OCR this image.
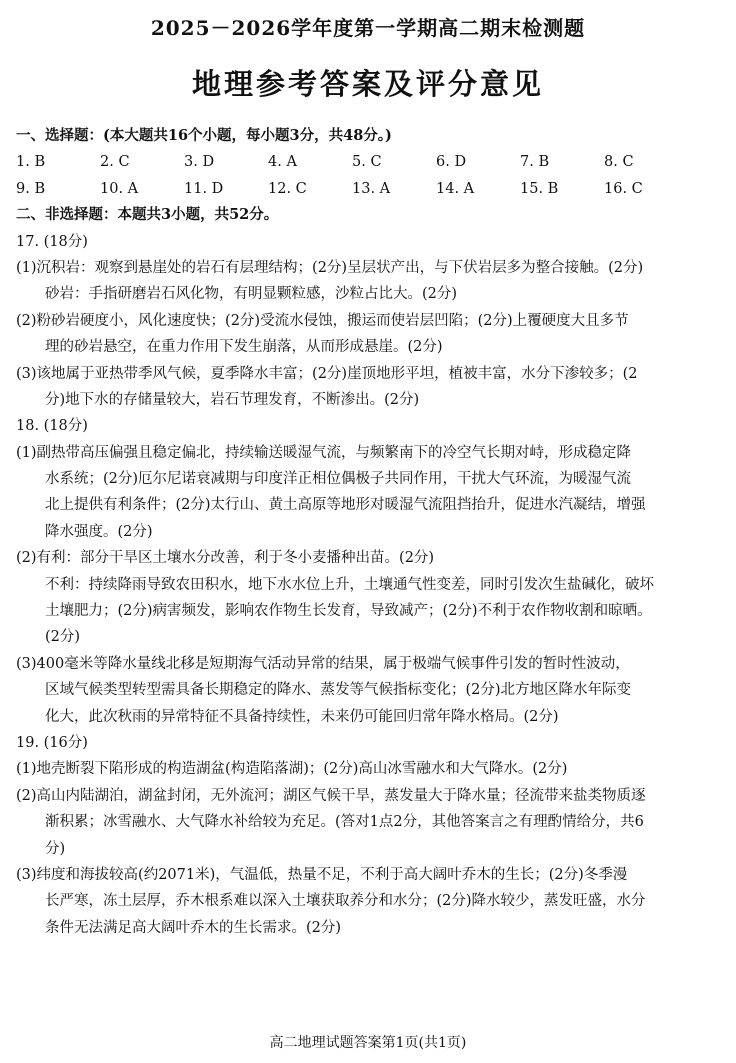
2025－2026学年度第一学期高二期末检测题
地理参考答案及评分意见
一、选择题：(本大题共16个小题，每小题3分，共48分。)
1. B	2. C	3. D	4. A	5. C	6. D	7. B	8. C
9. B	10. A	11. D	12. C	13. A	14. A	15. B	16. C
二、非选择题：本题共3小题，共52分。
17. (18分)
(1)沉积岩：观察到悬崖处的岩石有层理结构；(2分)呈层状产出，与下伏岩层多为整合接触。(2分)
砂岩：手指研磨岩石风化物，有明显颗粒感，沙粒占比大。(2分)
(2)粉砂岩硬度小，风化速度快；(2分)受流水侵蚀，搬运而使岩层凹陷；(2分)上覆硬度大且多节
理的砂岩悬空，在重力作用下发生崩落，从而形成悬崖。(2分)
(3)该地属于亚热带季风气候，夏季降水丰富；(2分)崖顶地形平坦，植被丰富，水分下渗较多；(2
分)地下水的存储量较大，岩石节理发育，不断渗出。(2分)
18. (18分)
(1)副热带高压偏强且稳定偏北，持续输送暖湿气流，与频繁南下的冷空气长期对峙，形成稳定降
水系统；(2分)厄尔尼诺衰减期与印度洋正相位偶极子共同作用，干扰大气环流，为暖湿气流
北上提供有利条件；(2分)太行山、黄土高原等地形对暖湿气流阻挡抬升，促进水汽凝结，增强
降水强度。(2分)
(2)有利：部分干旱区土壤水分改善，利于冬小麦播种出苗。(2分)
不利：持续降雨导致农田积水，地下水水位上升，土壤通气性变差，同时引发次生盐碱化，破坏
土壤肥力；(2分)病害频发，影响农作物生长发育，导致减产；(2分)不利于农作物收割和晾晒。
(2分)
(3)400毫米等降水量线北移是短期海气活动异常的结果，属于极端气候事件引发的暂时性波动，
区域气候类型转型需具备长期稳定的降水、蒸发等气候指标变化；(2分)北方地区降水年际变
化大，此次秋雨的异常特征不具备持续性，未来仍可能回归常年降水格局。(2分)
19. (16分)
(1)地壳断裂下陷形成的构造湖盆(构造陷落湖)；(2分)高山冰雪融水和大气降水。(2分)
(2)高山内陆湖泊，湖盆封闭，无外流河；湖区气候干旱，蒸发量大于降水量；径流带来盐类物质逐
渐积累；冰雪融水、大气降水补给较为充足。(答对1点2分，其他答案言之有理酌情给分，共6
分)
(3)纬度和海拔较高(约2071米)，气温低，热量不足，不利于高大阔叶乔木的生长；(2分)冬季漫
长严寒，冻土层厚，乔木根系难以深入土壤获取养分和水分；(2分)降水较少，蒸发旺盛，水分
条件无法满足高大阔叶乔木的生长需求。(2分)
高二地理试题答案第1页(共1页)
